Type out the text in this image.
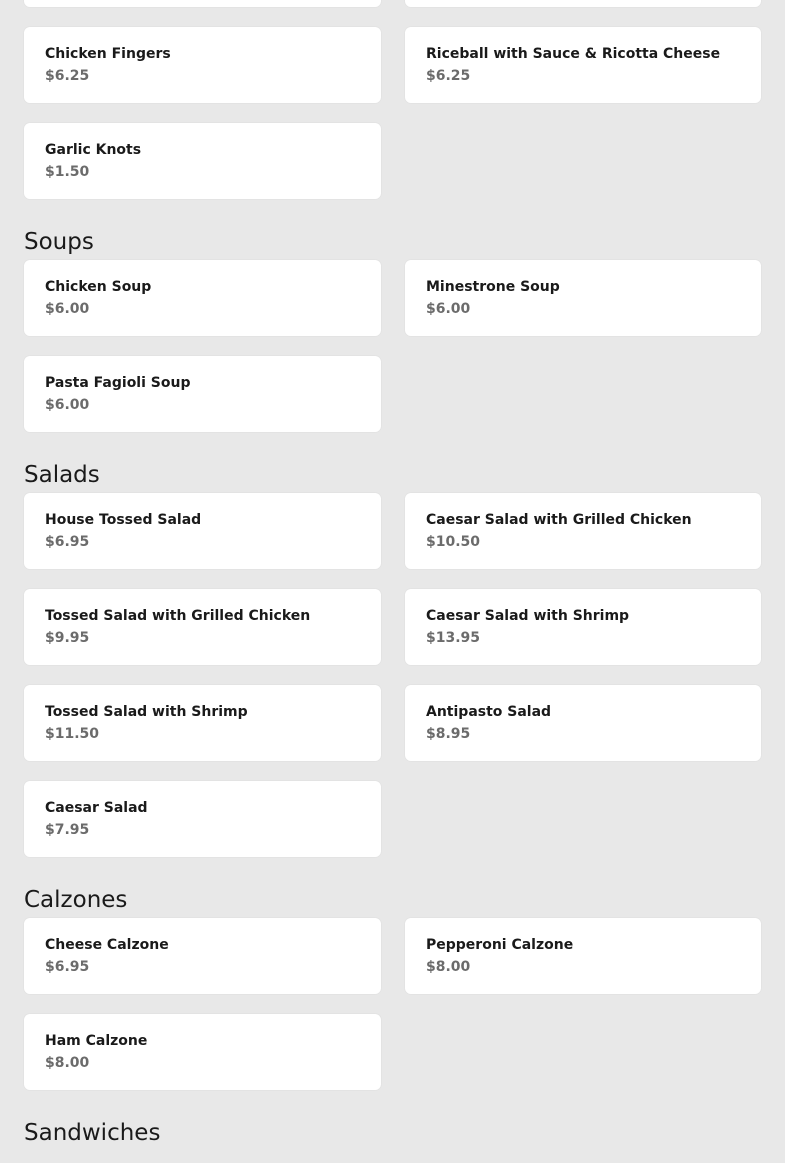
Chicken Fingers
$6.25
Riceball with Sauce & Ricotta Cheese
$6.25
Garlic Knots
$1.50
Soups
Chicken Soup
$6.00
Minestrone Soup
$6.00
Pasta Fagioli Soup
$6.00
Salads
House Tossed Salad
$6.95
Caesar Salad with Grilled Chicken
$10.50
Tossed Salad with Grilled Chicken
$9.95
Caesar Salad with Shrimp
$13.95
Tossed Salad with Shrimp
$11.50
Antipasto Salad
$8.95
Caesar Salad
$7.95
Calzones
Cheese Calzone
$6.95
Pepperoni Calzone
$8.00
Ham Calzone
$8.00
Sandwiches
